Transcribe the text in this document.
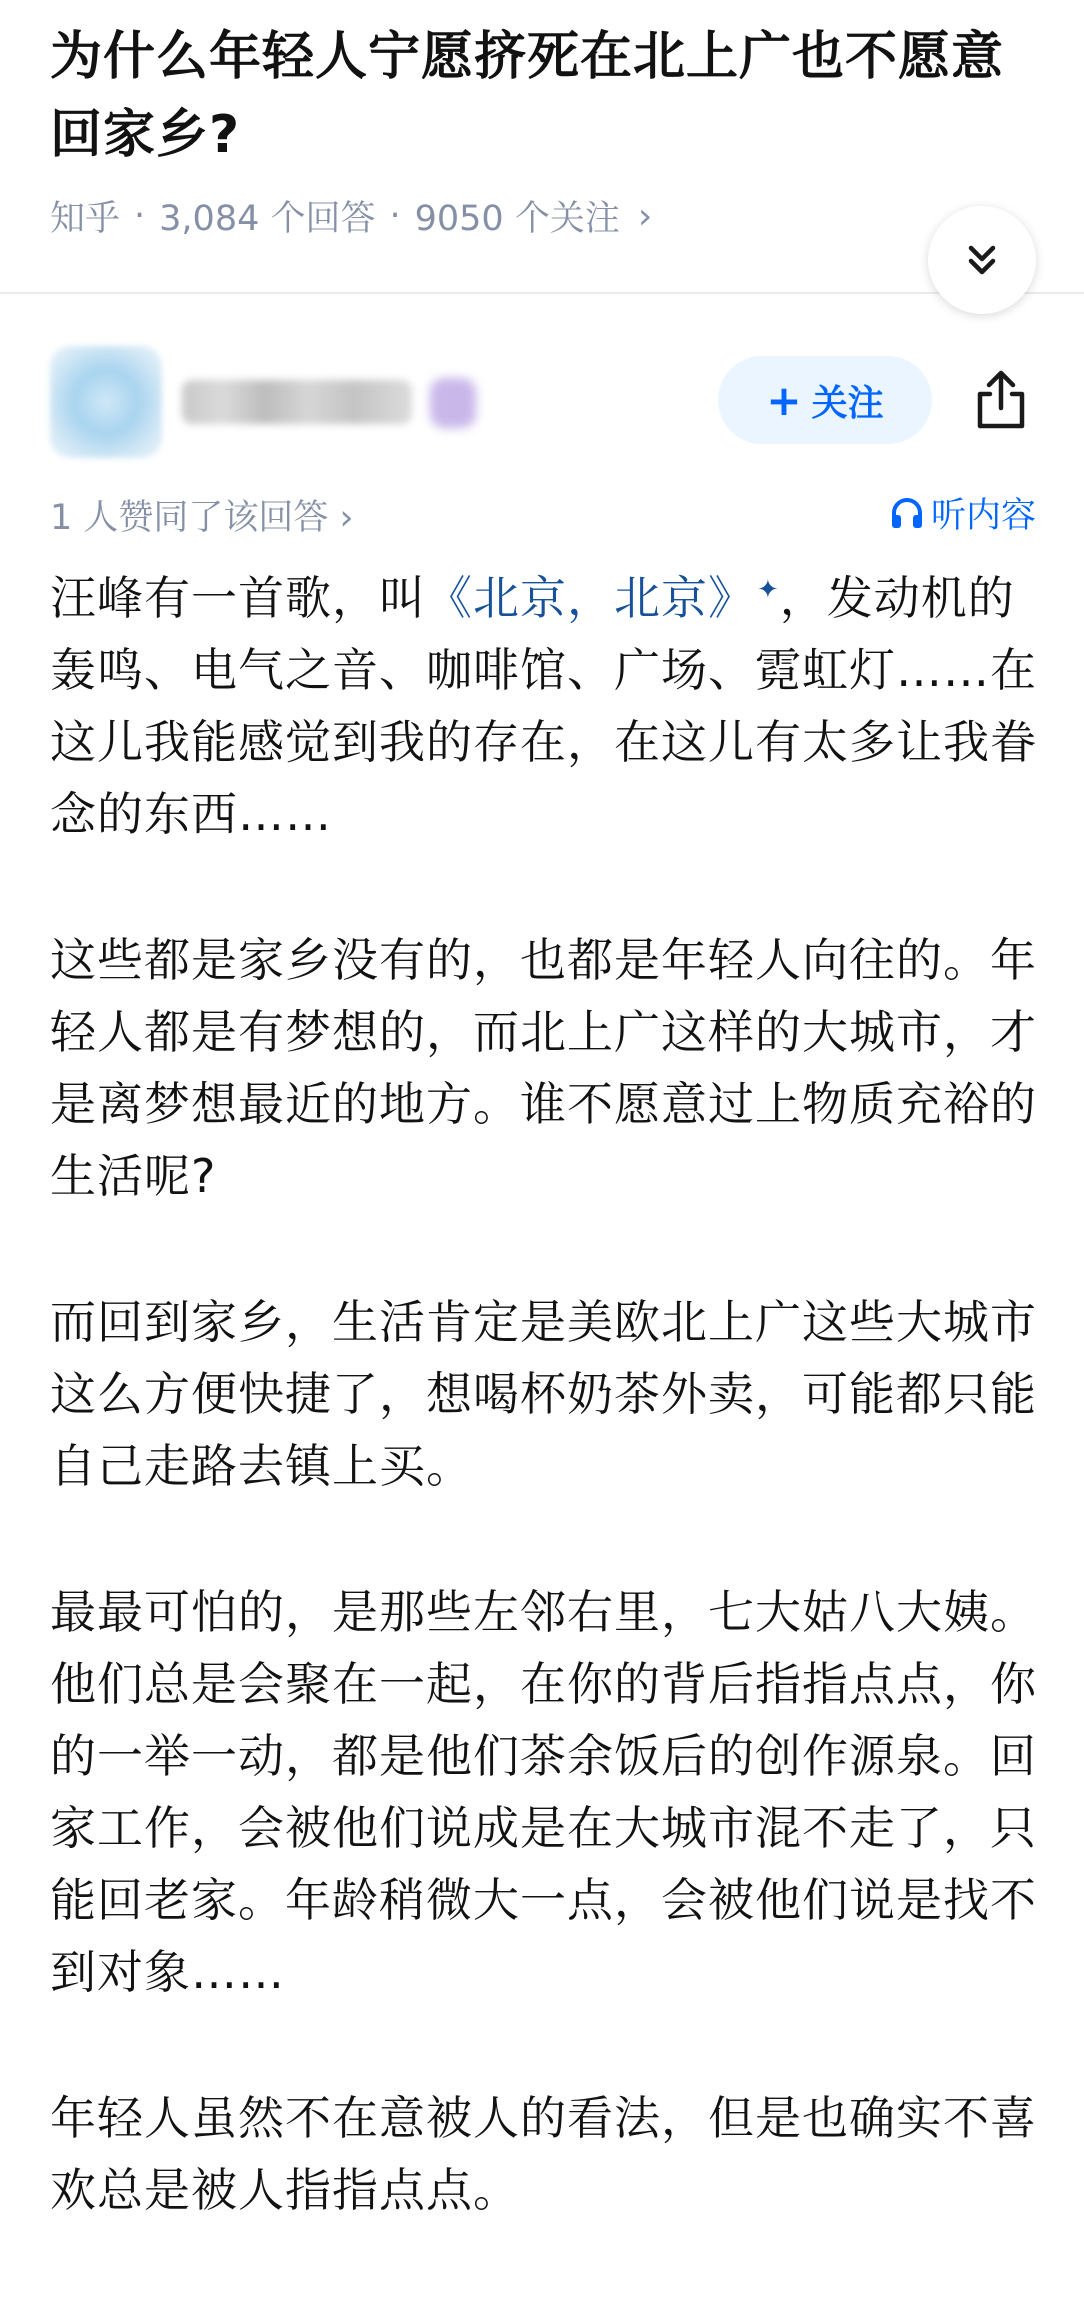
为什么年轻人宁愿挤死在北上广也不愿意回家乡?
知乎 · 3,084 个回答 · 9050 个关注 ›
+ 关注
1 人赞同了该回答 ›	听内容

汪峰有一首歌，叫《北京，北京》✦，发动机的轰鸣、电气之音、咖啡馆、广场、霓虹灯……在这儿我能感觉到我的存在，在这儿有太多让我眷念的东西……

这些都是家乡没有的，也都是年轻人向往的。年轻人都是有梦想的，而北上广这样的大城市，才是离梦想最近的地方。谁不愿意过上物质充裕的生活呢?

而回到家乡，生活肯定是美欧北上广这些大城市这么方便快捷了，想喝杯奶茶外卖，可能都只能自己走路去镇上买。

最最可怕的，是那些左邻右里，七大姑八大姨。他们总是会聚在一起，在你的背后指指点点，你的一举一动，都是他们茶余饭后的创作源泉。回家工作，会被他们说成是在大城市混不走了，只能回老家。年龄稍微大一点，会被他们说是找不到对象……

年轻人虽然不在意被人的看法，但是也确实不喜欢总是被人指指点点。
